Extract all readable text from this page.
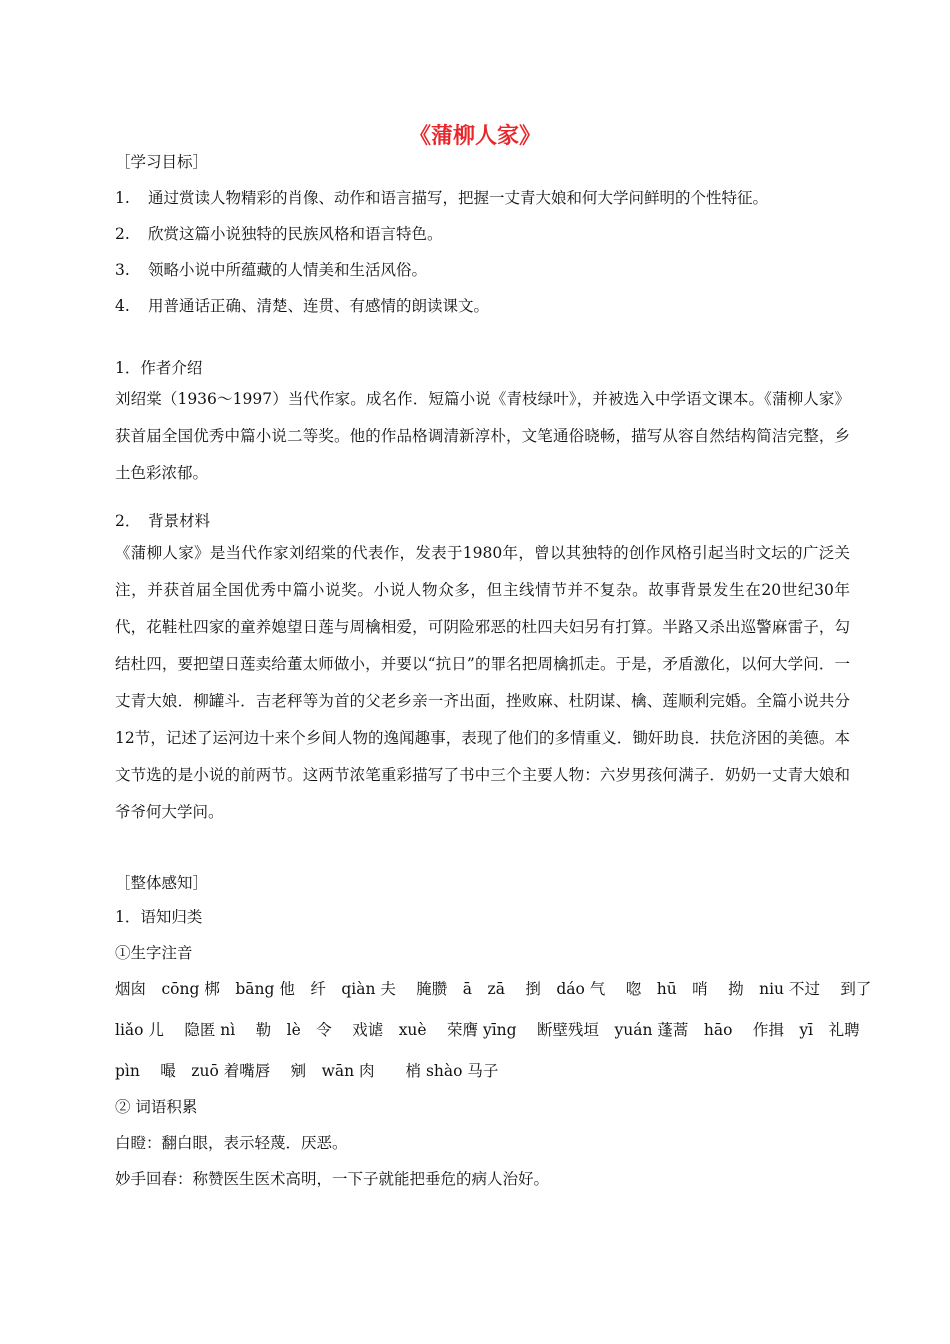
《蒲柳人家》
［学习目标］
1. 通过赏读人物精彩的肖像、动作和语言描写，把握一丈青大娘和何大学问鲜明的个性特征。
2. 欣赏这篇小说独特的民族风格和语言特色。
3. 领略小说中所蕴藏的人情美和生活风俗。
4. 用普通话正确、清楚、连贯、有感情的朗读课文。
1．作者介绍

刘绍棠（1936～1997）当代作家。成名作．短篇小说《青枝绿叶》，并被选入中学语文课本。《蒲柳人家》获首届全国优秀中篇小说二等奖。他的作品格调清新淳朴，文笔通俗晓畅，描写从容自然结构简洁完整，乡土色彩浓郁。

2．　背景材料

《蒲柳人家》是当代作家刘绍棠的代表作，发表于1980年，曾以其独特的创作风格引起当时文坛的广泛关注，并获首届全国优秀中篇小说奖。小说人物众多，但主线情节并不复杂。故事背景发生在20世纪30年代，花鞋杜四家的童养媳望日莲与周檎相爱，可阴险邪恶的杜四夫妇另有打算。半路又杀出巡警麻雷子，勾结杜四，要把望日莲卖给董太师做小，并要以“抗日”的罪名把周檎抓走。于是，矛盾激化，以何大学问．一丈青大娘．柳罐斗．吉老秤等为首的父老乡亲一齐出面，挫败麻、杜阴谋、檎、莲顺利完婚。全篇小说共分12节，记述了运河边十来个乡间人物的逸闻趣事，表现了他们的多情重义．锄奸助良．扶危济困的美德。本文节选的是小说的前两节。这两节浓笔重彩描写了书中三个主要人物：六岁男孩何满子．奶奶一丈青大娘和爷爷何大学问。

［整体感知］
1．语知归类
①生字注音
烟囱　cōng 梆　bāng 他　纤　qiàn 夫　 腌臜　ā　zā　 捯　dáo 气　 唿　hū　哨　 拗　niu 不过　 到了
liǎo 儿　 隐匿 nì　 勒　lè　令　 戏谑　xuè　 荣膺 yīng　 断壁残垣　yuán 蓬蒿　hāo　 作揖　yī　礼聘
pìn　 嘬　zuō 着嘴唇　 剜　wān 肉　　梢 shào 马子
② 词语积累
白瞪：翻白眼，表示轻蔑．厌恶。
妙手回春：称赞医生医术高明，一下子就能把垂危的病人治好。
